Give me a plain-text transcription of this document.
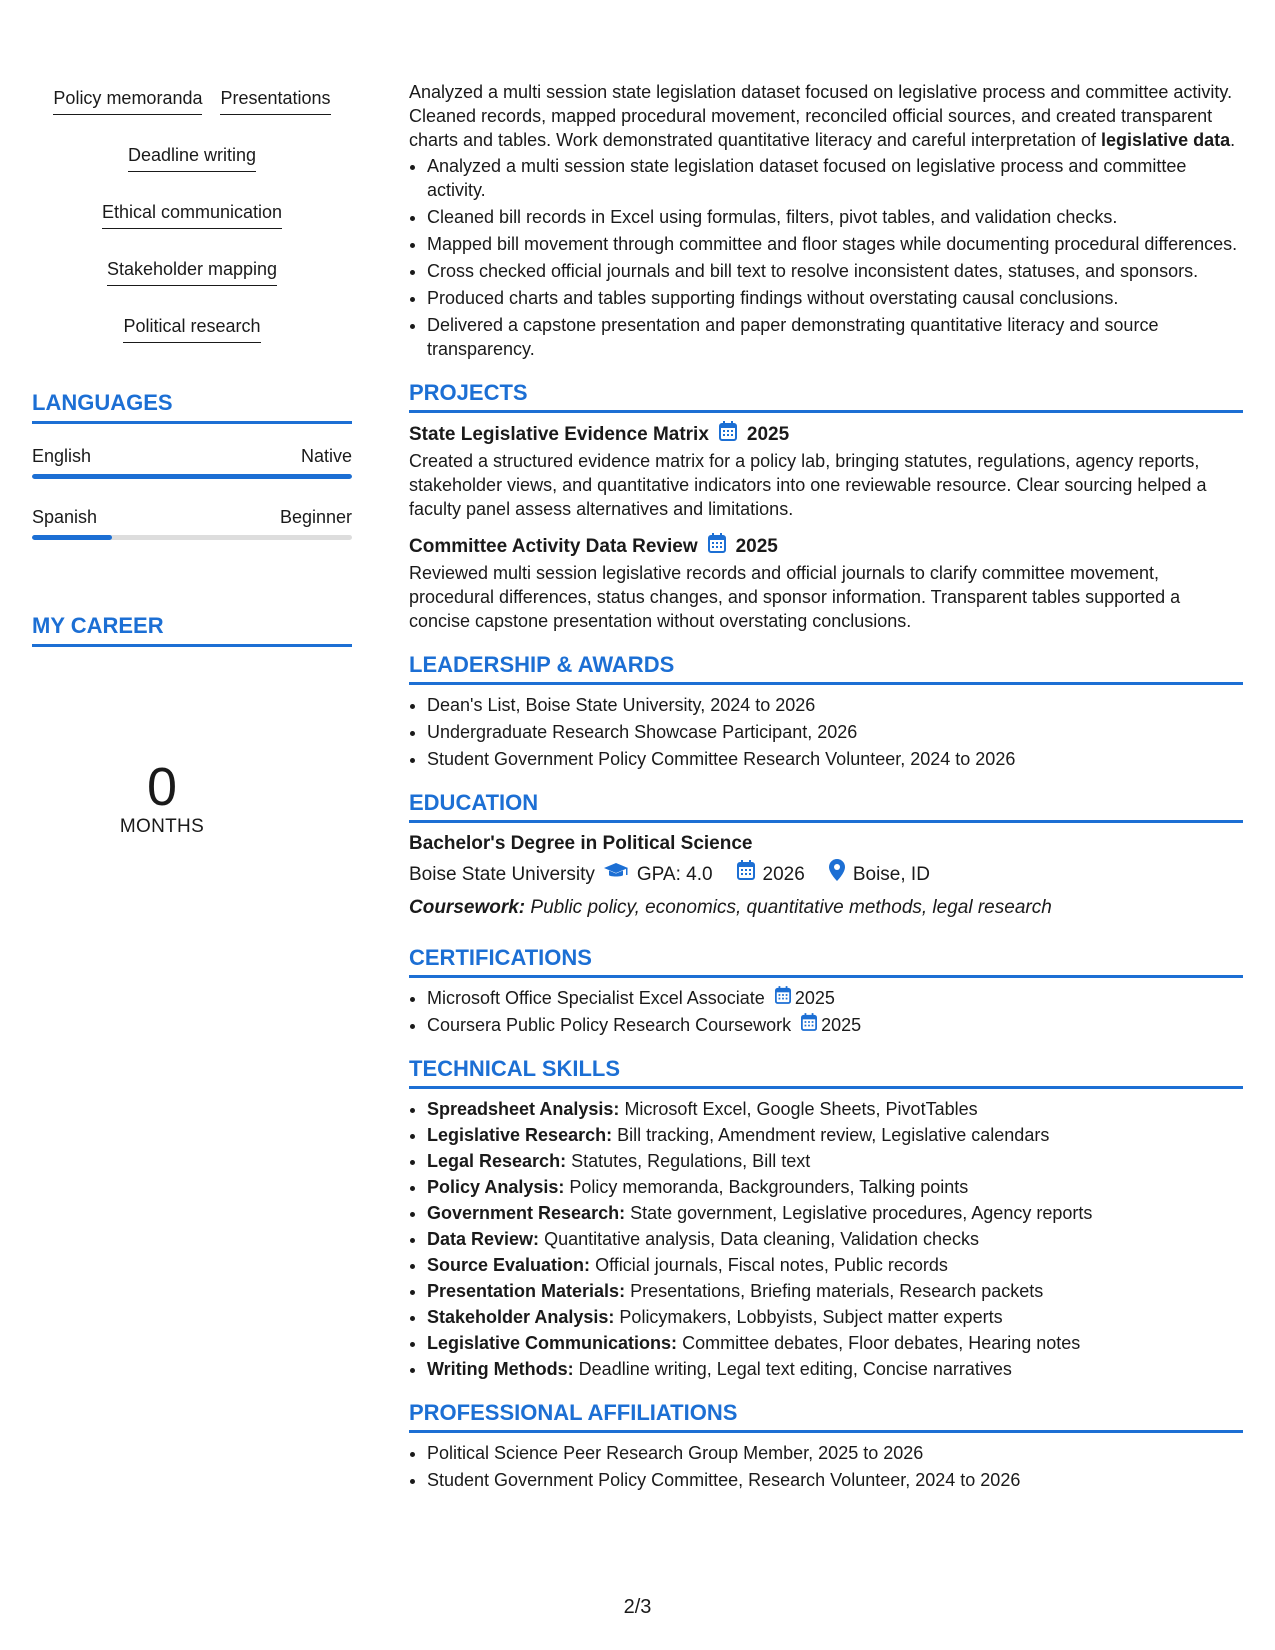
Policy memoranda Presentations
Deadline writing
Ethical communication
Stakeholder mapping
Political research
LANGUAGES
English	Native
Spanish	Beginner
MY CAREER
0
MONTHS

Analyzed a multi session state legislation dataset focused on legislative process and committee activity. Cleaned records, mapped procedural movement, reconciled official sources, and created transparent charts and tables. Work demonstrated quantitative literacy and careful interpretation of legislative data.

• Analyzed a multi session state legislation dataset focused on legislative process and committee activity.
• Cleaned bill records in Excel using formulas, filters, pivot tables, and validation checks.
• Mapped bill movement through committee and floor stages while documenting procedural differences.
• Cross checked official journals and bill text to resolve inconsistent dates, statuses, and sponsors.
• Produced charts and tables supporting findings without overstating causal conclusions.
• Delivered a capstone presentation and paper demonstrating quantitative literacy and source transparency.
PROJECTS
State Legislative Evidence Matrix 2025

Created a structured evidence matrix for a policy lab, bringing statutes, regulations, agency reports, stakeholder views, and quantitative indicators into one reviewable resource. Clear sourcing helped a faculty panel assess alternatives and limitations.

Committee Activity Data Review 2025

Reviewed multi session legislative records and official journals to clarify committee movement, procedural differences, status changes, and sponsor information. Transparent tables supported a concise capstone presentation without overstating conclusions.

LEADERSHIP & AWARDS
• Dean's List, Boise State University, 2024 to 2026
• Undergraduate Research Showcase Participant, 2026
• Student Government Policy Committee Research Volunteer, 2024 to 2026
EDUCATION
Bachelor's Degree in Political Science
Boise State University GPA: 4.0	2026	Boise, ID
Coursework: Public policy, economics, quantitative methods, legal research
CERTIFICATIONS
• Microsoft Office Specialist Excel Associate 2025
• Coursera Public Policy Research Coursework 2025
TECHNICAL SKILLS
• Spreadsheet Analysis: Microsoft Excel, Google Sheets, PivotTables
• Legislative Research: Bill tracking, Amendment review, Legislative calendars
• Legal Research: Statutes, Regulations, Bill text
• Policy Analysis: Policy memoranda, Backgrounders, Talking points
• Government Research: State government, Legislative procedures, Agency reports
• Data Review: Quantitative analysis, Data cleaning, Validation checks
• Source Evaluation: Official journals, Fiscal notes, Public records
• Presentation Materials: Presentations, Briefing materials, Research packets
• Stakeholder Analysis: Policymakers, Lobbyists, Subject matter experts
• Legislative Communications: Committee debates, Floor debates, Hearing notes
• Writing Methods: Deadline writing, Legal text editing, Concise narratives
PROFESSIONAL AFFILIATIONS
• Political Science Peer Research Group Member, 2025 to 2026
• Student Government Policy Committee, Research Volunteer, 2024 to 2026
2/3
